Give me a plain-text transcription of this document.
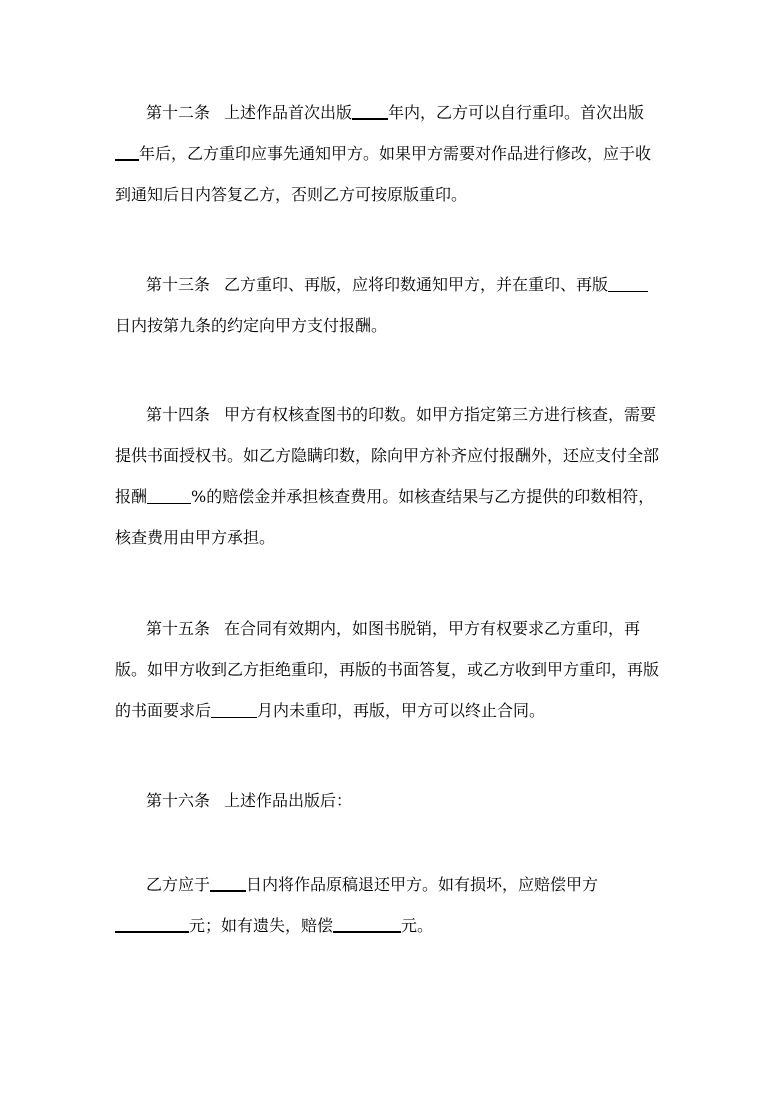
第十二条 上述作品首次出版 年内，乙方可以自行重印。首次出版年后，乙方重印应事先通知甲方。如果甲方需要对作品进行修改，应于收到通知后日内答复乙方，否则乙方可按原版重印。
第十三条 乙方重印、再版，应将印数通知甲方，并在重印、再版日内按第九条的约定向甲方支付报酬。
第十四条 甲方有权核查图书的印数。如甲方指定第三方进行核查，需要提供书面授权书。如乙方隐瞒印数，除向甲方补齐应付报酬外，还应支付全部报酬	%的赔偿金并承担核查费用。如核查结果与乙方提供的印数相符，核查费用由甲方承担。
第十五条 在合同有效期内，如图书脱销，甲方有权要求乙方重印，再版。如甲方收到乙方拒绝重印，再版的书面答复，或乙方收到甲方重印，再版的书面要求后	月内未重印，再版，甲方可以终止合同。
第十六条 上述作品出版后：
乙方应于 日内将作品原稿退还甲方。如有损坏，应赔偿甲方元；如有遗失，赔偿	元。
